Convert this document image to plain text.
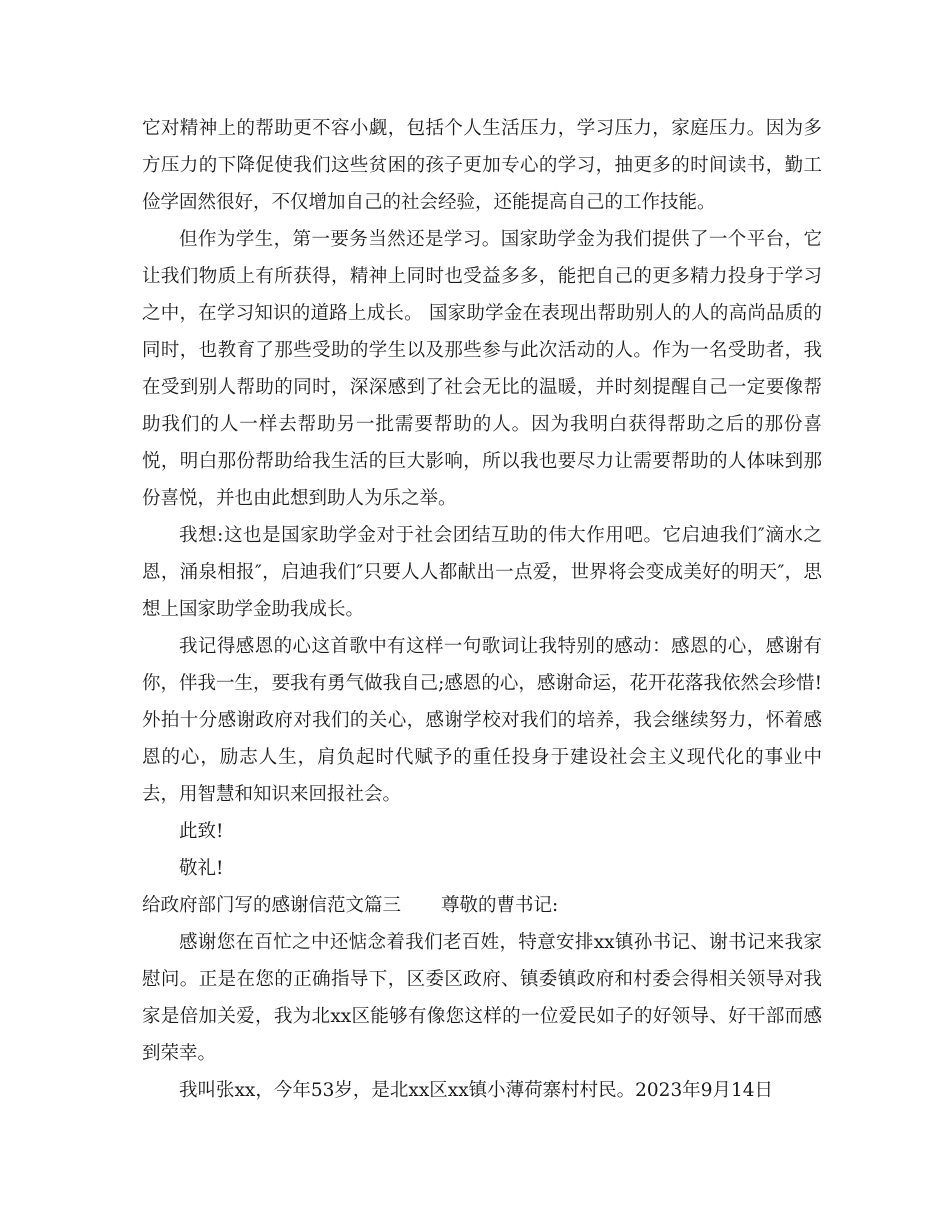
它对精神上的帮助更不容小觑，包括个人生活压力，学习压力，家庭压力。因为多方压力的下降促使我们这些贫困的孩子更加专心的学习，抽更多的时间读书，勤工俭学固然很好，不仅增加自己的社会经验，还能提高自己的工作技能。

但作为学生，第一要务当然还是学习。国家助学金为我们提供了一个平台，它让我们物质上有所获得，精神上同时也受益多多，能把自己的更多精力投身于学习之中，在学习知识的道路上成长。 国家助学金在表现出帮助别人的人的高尚品质的同时，也教育了那些受助的学生以及那些参与此次活动的人。作为一名受助者，我在受到别人帮助的同时，深深感到了社会无比的温暖，并时刻提醒自己一定要像帮助我们的人一样去帮助另一批需要帮助的人。因为我明白获得帮助之后的那份喜悦，明白那份帮助给我生活的巨大影响，所以我也要尽力让需要帮助的人体味到那份喜悦，并也由此想到助人为乐之举。

我想:这也是国家助学金对于社会团结互助的伟大作用吧。它启迪我们″滴水之恩，涌泉相报″，启迪我们″只要人人都献出一点爱，世界将会变成美好的明天″，思想上国家助学金助我成长。

我记得感恩的心这首歌中有这样一句歌词让我特别的感动：感恩的心，感谢有你，伴我一生，要我有勇气做我自己;感恩的心，感谢命运，花开花落我依然会珍惜!外拍十分感谢政府对我们的关心，感谢学校对我们的培养，我会继续努力，怀着感恩的心，励志人生，肩负起时代赋予的重任投身于建设社会主义现代化的事业中去，用智慧和知识来回报社会。

此致!

敬礼!

给政府部门写的感谢信范文篇三 尊敬的曹书记:

感谢您在百忙之中还惦念着我们老百姓，特意安排xx镇孙书记、谢书记来我家慰问。正是在您的正确指导下，区委区政府、镇委镇政府和村委会得相关领导对我家是倍加关爱，我为北xx区能够有像您这样的一位爱民如子的好领导、好干部而感到荣幸。

我叫张xx，今年53岁，是北xx区xx镇小薄荷寨村村民。2023年9月14日
